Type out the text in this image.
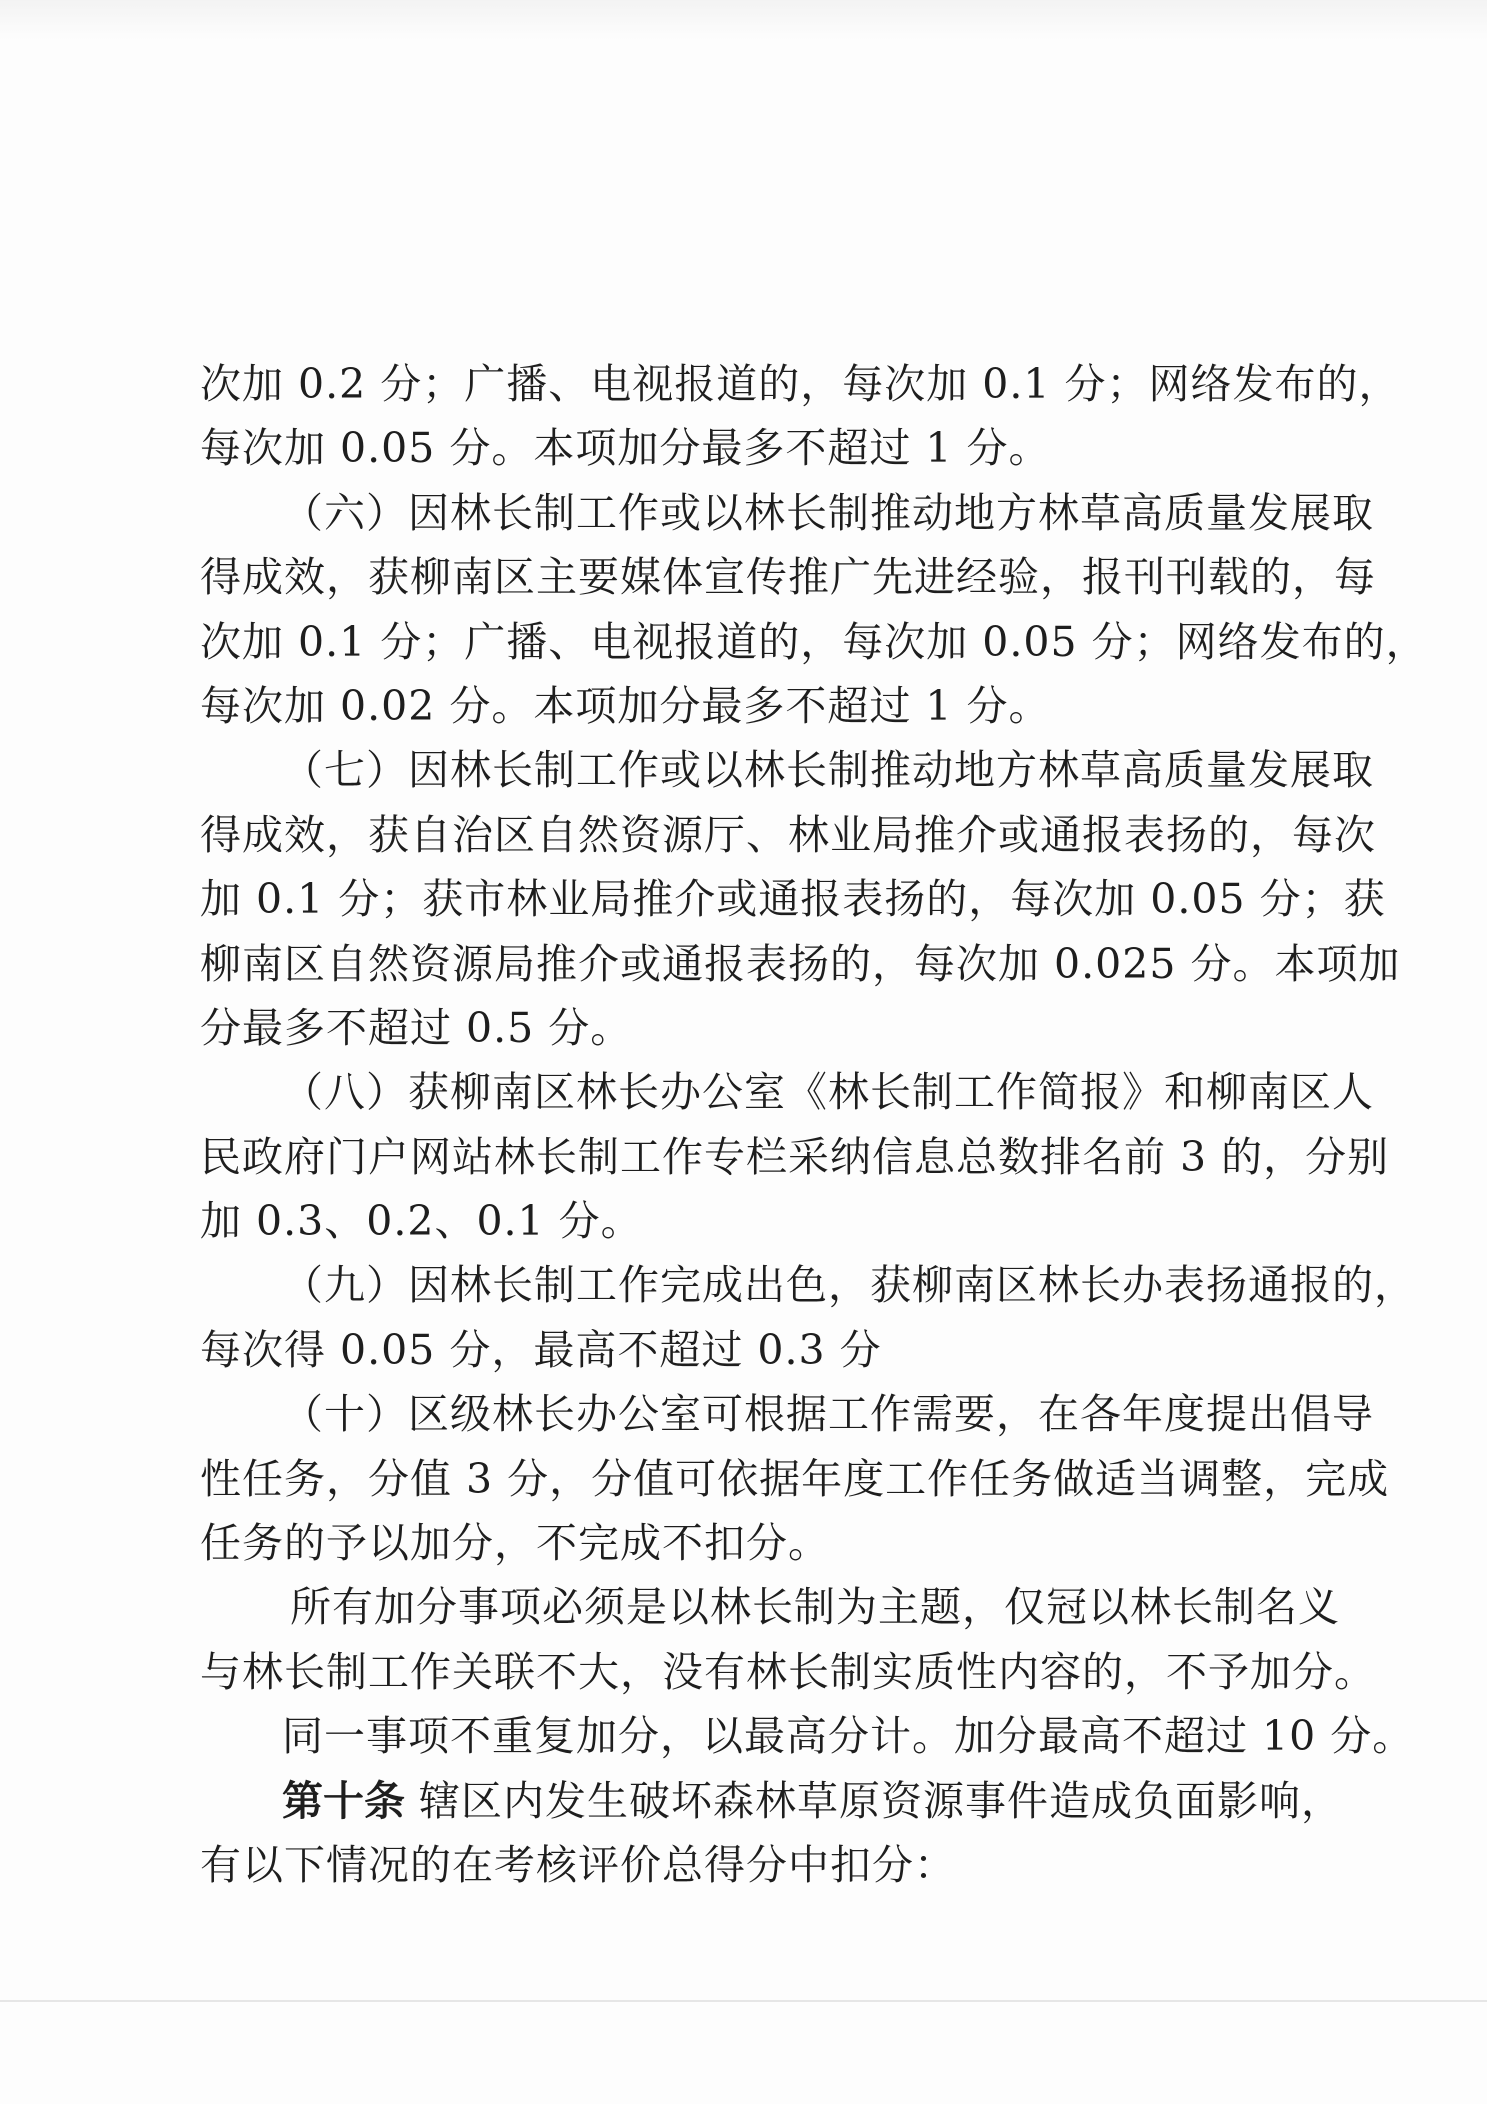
次加 0.2 分；广播、电视报道的，每次加 0.1 分；网络发布的，
每次加 0.05 分。本项加分最多不超过 1 分。
（六）因林长制工作或以林长制推动地方林草高质量发展取
得成效，获柳南区主要媒体宣传推广先进经验，报刊刊载的，每
次加 0.1 分；广播、电视报道的，每次加 0.05 分；网络发布的，
每次加 0.02 分。本项加分最多不超过 1 分。
（七）因林长制工作或以林长制推动地方林草高质量发展取
得成效，获自治区自然资源厅、林业局推介或通报表扬的，每次
加 0.1 分；获市林业局推介或通报表扬的，每次加 0.05 分；获
柳南区自然资源局推介或通报表扬的，每次加 0.025 分。本项加
分最多不超过 0.5 分。
（八）获柳南区林长办公室《林长制工作简报》和柳南区人
民政府门户网站林长制工作专栏采纳信息总数排名前 3 的，分别
加 0.3、0.2、0.1 分。
（九）因林长制工作完成出色，获柳南区林长办表扬通报的，
每次得 0.05 分，最高不超过 0.3 分
（十）区级林长办公室可根据工作需要，在各年度提出倡导
性任务，分值 3 分，分值可依据年度工作任务做适当调整，完成
任务的予以加分，不完成不扣分。
所有加分事项必须是以林长制为主题，仅冠以林长制名义
与林长制工作关联不大，没有林长制实质性内容的，不予加分。
同一事项不重复加分，以最高分计。加分最高不超过 10 分。
第十条 辖区内发生破坏森林草原资源事件造成负面影响，
有以下情况的在考核评价总得分中扣分：
